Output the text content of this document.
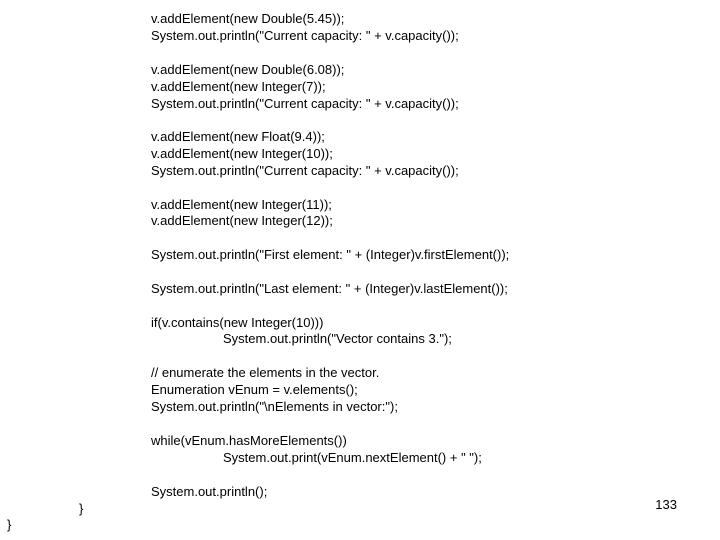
v.addElement(new Double(5.45));
System.out.println("Current capacity: " + v.capacity());
v.addElement(new Double(6.08));
v.addElement(new Integer(7));
System.out.println("Current capacity: " + v.capacity());
v.addElement(new Float(9.4));
v.addElement(new Integer(10));
System.out.println("Current capacity: " + v.capacity());
v.addElement(new Integer(11));
v.addElement(new Integer(12));
System.out.println("First element: " + (Integer)v.firstElement());
System.out.println("Last element: " + (Integer)v.lastElement());
if(v.contains(new Integer(10)))
System.out.println("Vector contains 3.");
// enumerate the elements in the vector.
Enumeration vEnum = v.elements();
System.out.println("\nElements in vector:");
while(vEnum.hasMoreElements())
System.out.print(vEnum.nextElement() + " ");
System.out.println();
}
}
133
